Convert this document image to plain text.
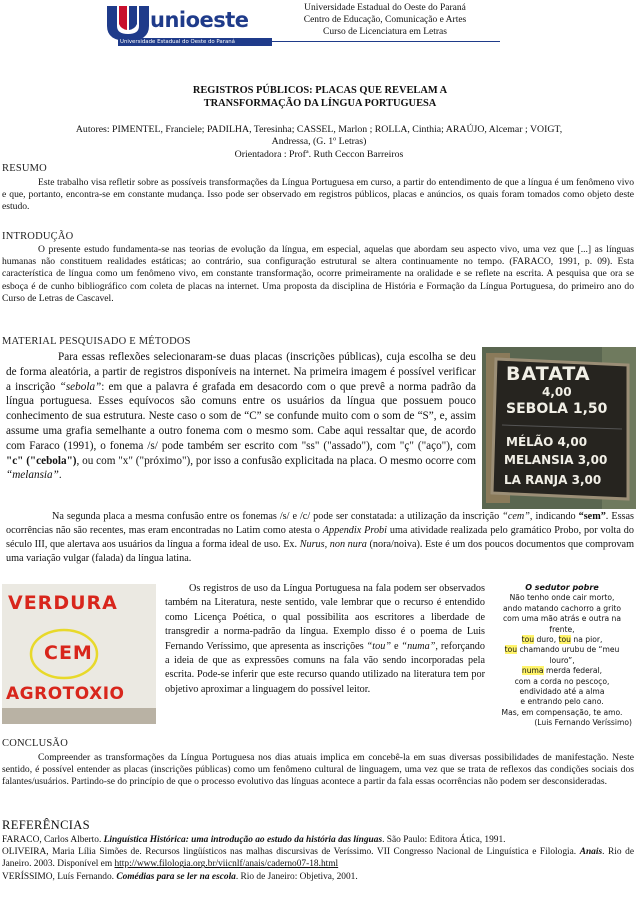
unioeste
Universidade Estadual do Oeste do Paraná
Universidade Estadual do Oeste do Paraná
Centro de Educação, Comunicação e Artes
Curso de Licenciatura em Letras
REGISTROS PÚBLICOS: PLACAS QUE REVELAM A
TRANSFORMAÇÃO DA LÍNGUA PORTUGUESA
Autores: PIMENTEL, Franciele; PADILHA, Teresinha; CASSEL, Marlon ; ROLLA, Cinthia; ARAÚJO, Alcemar ; VOIGT,
Andressa, (G. 1º Letras)
Orientadora : Profª. Ruth Ceccon Barreiros
RESUMO
Este trabalho visa refletir sobre as possíveis transformações da Língua Portuguesa em curso, a partir do entendimento de que a língua é um fenômeno vivo e que, portanto, encontra-se em constante mudança. Isso pode ser observado em registros públicos, placas e anúncios, os quais foram tomados como objeto deste estudo.
INTRODUÇÃO
O presente estudo fundamenta-se nas teorias de evolução da língua, em especial, aquelas que abordam seu aspecto vivo, uma vez que [...] as línguas humanas não constituem realidades estáticas; ao contrário, sua configuração estrutural se altera continuamente no tempo. (FARACO, 1991, p. 09). Esta característica de língua como um fenômeno vivo, em constante transformação, ocorre primeiramente na oralidade e se reflete na escrita. A pesquisa que ora se esboça é de cunho bibliográfico com coleta de placas na internet. Uma proposta da disciplina de História e Formação da Língua Portuguesa, do primeiro ano do Curso de Letras de Cascavel.
MATERIAL PESQUISADO E MÉTODOS
Para essas reflexões selecionaram-se duas placas (inscrições públicas), cuja escolha se deu de forma aleatória, a partir de registros disponíveis na internet. Na primeira imagem é possível verificar a inscrição “sebola”: em que a palavra é grafada em desacordo com o que prevê a norma padrão da língua portuguesa. Esses equívocos são comuns entre os usuários da língua que possuem pouco conhecimento de sua estrutura. Neste caso o som de “C” se confunde muito com o som de “S”, e, assim assume uma grafia semelhante a outro fonema com o mesmo som. Cabe aqui ressaltar que, de acordo com Faraco (1991), o fonema /s/ pode também ser escrito com "ss" ("assado"), com "ç" ("aço"), com "c" ("cebola"), ou com "x" ("próximo"), por isso a confusão explicitada na placa. O mesmo ocorre com “melansia”.
BATATA
4,00
SEBOLA 1,50
MÉLÃO 4,00
MELANSIA 3,00
LA RANJA 3,00
Na segunda placa a mesma confusão entre os fonemas /s/ e /c/ pode ser constatada: a utilização da inscrição “cem”, indicando “sem”. Essas ocorrências não são recentes, mas eram encontradas no Latim como atesta o Appendix Probi uma atividade realizada pelo gramático Probo, por volta do século III, que alertava aos usuários da língua a forma ideal de uso. Ex. Nurus, non nura (nora/noiva). Este é um dos poucos documentos que comprovam uma variação vulgar (falada) da língua latina.
VERDURA
CEM
AGROTOXIO
Os registros de uso da Língua Portuguesa na fala podem ser observados também na Literatura, neste sentido, vale lembrar que o recurso é entendido como Licença Poética, o qual possibilita aos escritores a liberdade de transgredir a norma-padrão da língua. Exemplo disso é o poema de Luis Fernando Veríssimo, que apresenta as inscrições “tou” e “numa”, reforçando a ideia de que as expressões comuns na fala vão sendo incorporadas pela escrita. Pode-se inferir que este recurso quando utilizado na literatura tem por objetivo aproximar a linguagem do possível leitor.
O sedutor pobre
Não tenho onde cair morto,
ando matando cachorro a grito
com uma mão atrás e outra na
frente,
tou duro, tou na pior,
tou chamando urubu de “meu
louro”,
numa merda federal,
com a corda no pescoço,
endividado até a alma
e entrando pelo cano.
Mas, em compensação, te amo.
(Luis Fernando Veríssimo)
CONCLUSÃO
Compreender as transformações da Língua Portuguesa nos dias atuais implica em concebê-la em suas diversas possibilidades de manifestação. Neste sentido, é possível entender as placas (inscrições públicas) como um fenômeno cultural de linguagem, uma vez que se trata de reflexos das condições sociais dos falantes/usuários. Partindo-se do princípio de que o processo evolutivo das línguas acontece a partir da fala essas ocorrências não podem ser desconsideradas.
REFERÊNCIAS
FARACO, Carlos Alberto. Linguística Histórica: uma introdução ao estudo da história das línguas. São Paulo: Editora Ática, 1991.
OLIVEIRA, Maria Lília Simões de. Recursos lingüísticos nas malhas discursivas de Veríssimo. VII Congresso Nacional de Linguística e Filologia. Anais. Rio de Janeiro. 2003. Disponível em http://www.filologia.org.br/viicnlf/anais/caderno07-18.html
VERÍSSIMO, Luís Fernando. Comédias para se ler na escola. Rio de Janeiro: Objetiva, 2001.
